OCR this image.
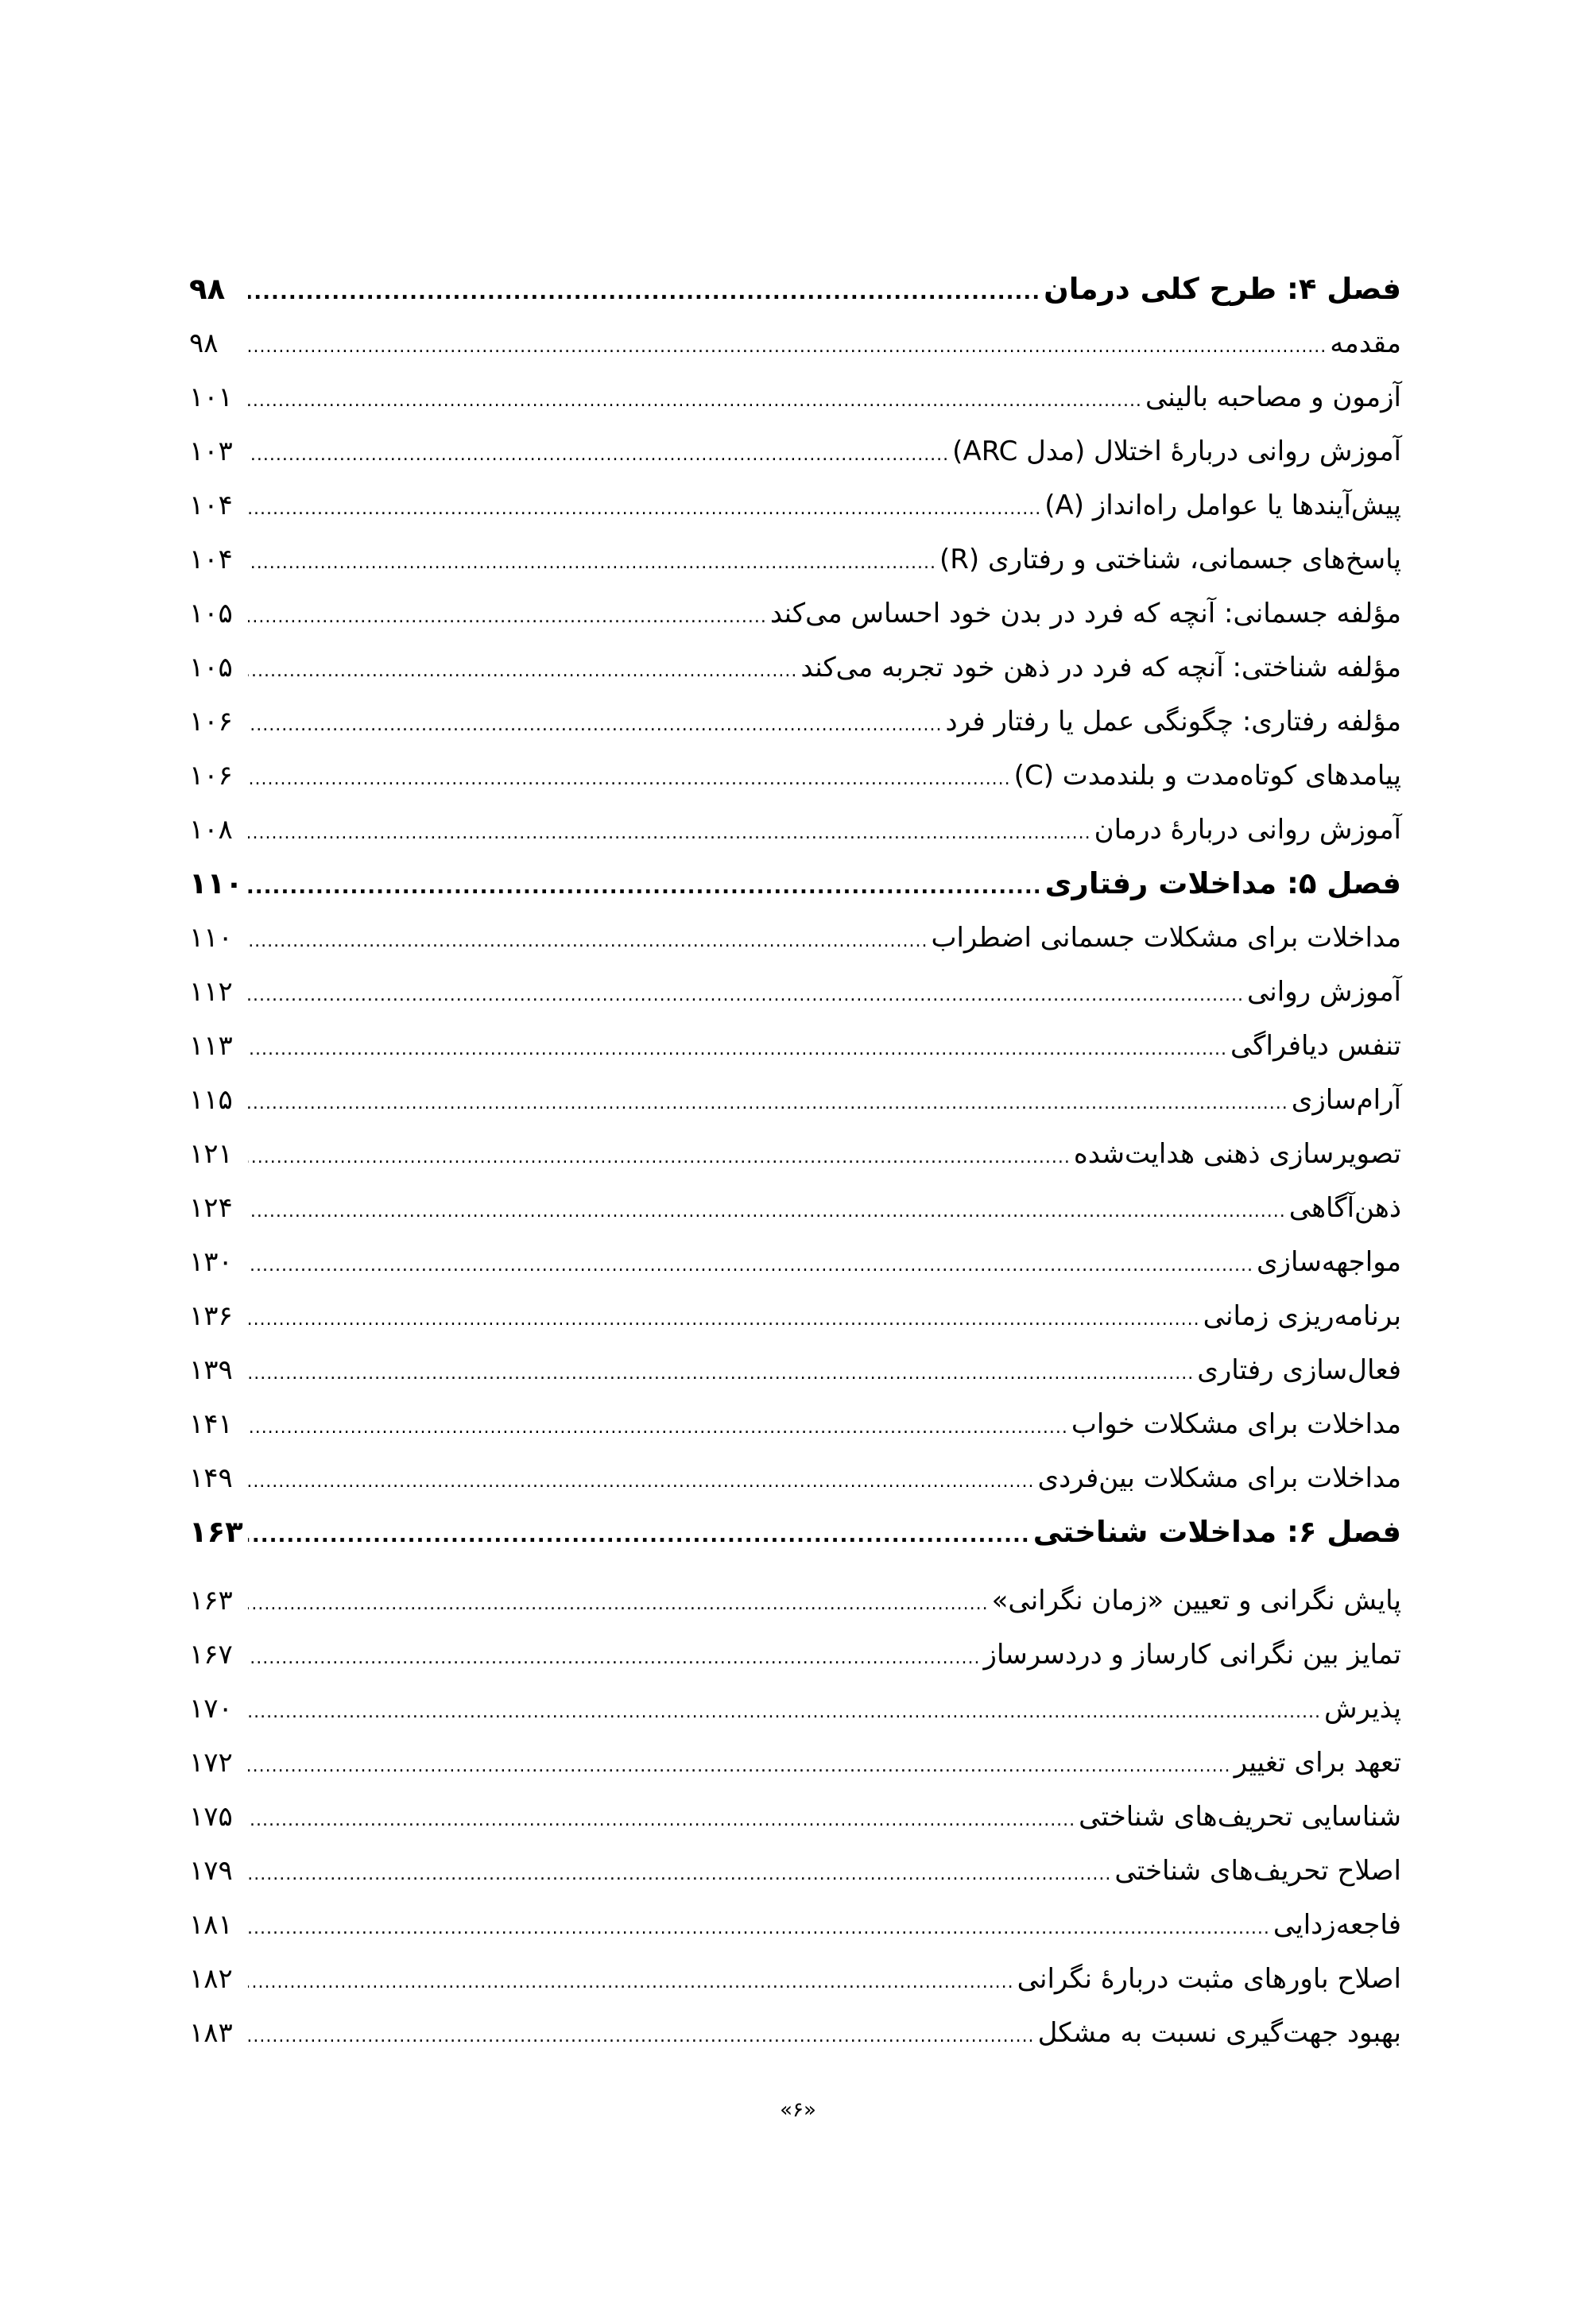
فصل ۴: طرح کلی درمان
.....
۹۸
مقدمه
.....
۹۸
آزمون و مصاحبه بالینی
.....
۱۰۱
آموزش روانی دربارۀ اختلال (مدل ARC)
.....
۱۰۳
پیش‌آیندها یا عوامل راه‌انداز (A)
.....
۱۰۴
پاسخ‌های جسمانی، شناختی و رفتاری (R)
.....
۱۰۴
مؤلفه جسمانی: آنچه که فرد در بدن خود احساس می‌کند
.....
۱۰۵
مؤلفه شناختی: آنچه که فرد در ذهن خود تجربه می‌کند
.....
۱۰۵
مؤلفه رفتاری: چگونگی عمل یا رفتار فرد
.....
۱۰۶
پیامدهای کوتاه‌مدت و بلندمدت (C)
.....
۱۰۶
آموزش روانی دربارۀ درمان
.....
۱۰۸
فصل ۵: مداخلات رفتاری
.....
۱۱۰
مداخلات برای مشکلات جسمانی اضطراب
.....
۱۱۰
آموزش روانی
.....
۱۱۲
تنفس دیافراگی
.....
۱۱۳
آرام‌سازی
.....
۱۱۵
تصویرسازی ذهنی هدایت‌شده
.....
۱۲۱
ذهن‌آگاهی
.....
۱۲۴
مواجهه‌سازی
.....
۱۳۰
برنامه‌ریزی زمانی
.....
۱۳۶
فعال‌سازی رفتاری
.....
۱۳۹
مداخلات برای مشکلات خواب
.....
۱۴۱
مداخلات برای مشکلات بین‌فردی
.....
۱۴۹
فصل ۶: مداخلات شناختی
.....
۱۶۳
پایش نگرانی و تعیین «زمان نگرانی»
.....
۱۶۳
تمایز بین نگرانی کارساز و دردسرساز
.....
۱۶۷
پذیرش
.....
۱۷۰
تعهد برای تغییر
.....
۱۷۲
شناسایی تحریف‌های شناختی
.....
۱۷۵
اصلاح تحریف‌های شناختی
.....
۱۷۹
فاجعه‌زدایی
.....
۱۸۱
اصلاح باورهای مثبت دربارۀ نگرانی
.....
۱۸۲
بهبود جهت‌گیری نسبت به مشکل
.....
۱۸۳
«۶»
